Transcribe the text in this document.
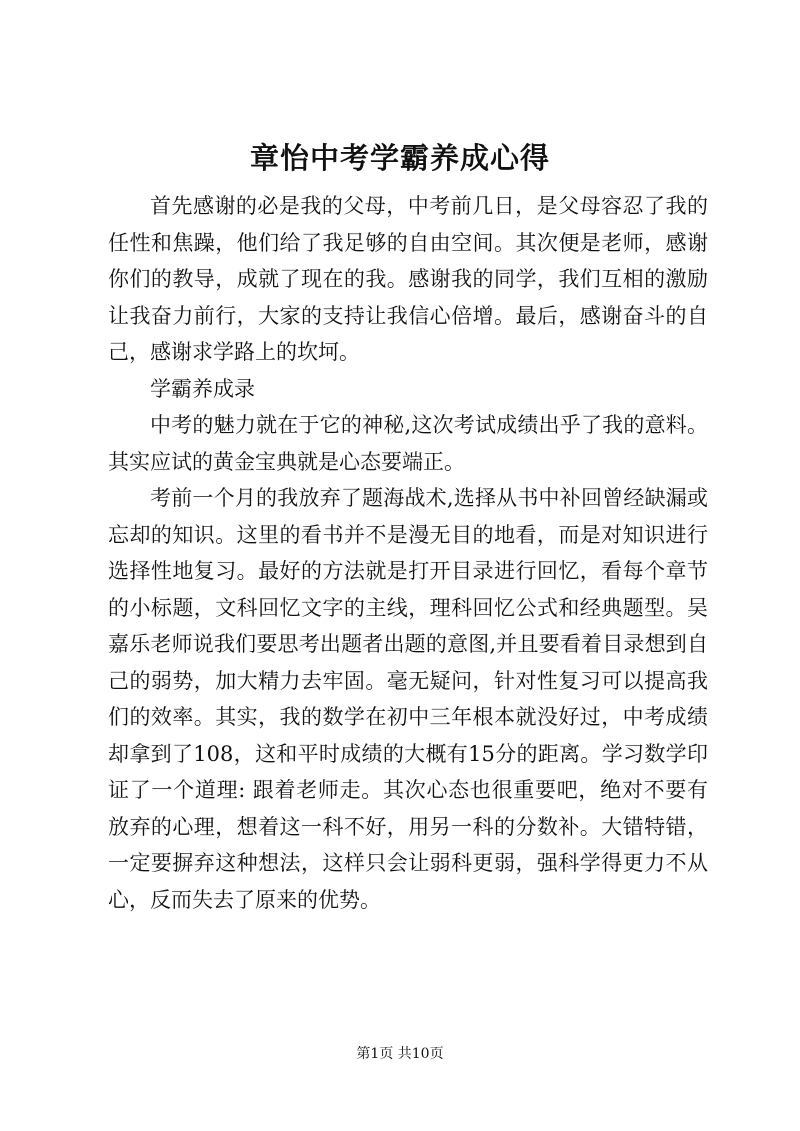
章怡中考学霸养成心得

首先感谢的必是我的父母，中考前几日，是父母容忍了我的任性和焦躁，他们给了我足够的自由空间。其次便是老师，感谢你们的教导，成就了现在的我。感谢我的同学，我们互相的激励让我奋力前行，大家的支持让我信心倍增。最后，感谢奋斗的自己，感谢求学路上的坎坷。

学霸养成录

中考的魅力就在于它的神秘,这次考试成绩出乎了我的意料。其实应试的黄金宝典就是心态要端正。

考前一个月的我放弃了题海战术,选择从书中补回曾经缺漏或忘却的知识。这里的看书并不是漫无目的地看，而是对知识进行选择性地复习。最好的方法就是打开目录进行回忆，看每个章节的小标题，文科回忆文字的主线，理科回忆公式和经典题型。吴嘉乐老师说我们要思考出题者出题的意图,并且要看着目录想到自己的弱势，加大精力去牢固。毫无疑问，针对性复习可以提高我们的效率。其实，我的数学在初中三年根本就没好过，中考成绩却拿到了108，这和平时成绩的大概有15分的距离。学习数学印证了一个道理: 跟着老师走。其次心态也很重要吧，绝对不要有放弃的心理，想着这一科不好，用另一科的分数补。大错特错，一定要摒弃这种想法，这样只会让弱科更弱，强科学得更力不从心，反而失去了原来的优势。

第1页 共10页
